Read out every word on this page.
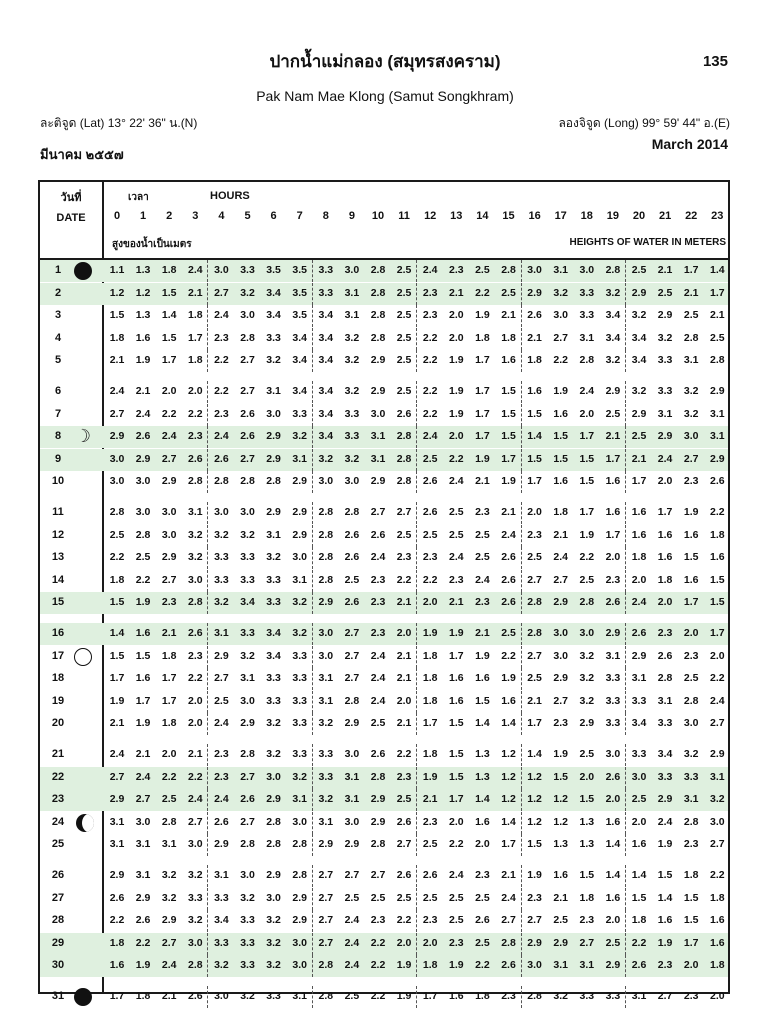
ปากน้ำแม่กลอง (สมุทรสงคราม)	135
Pak Nam Mae Klong (Samut Songkhram)
ละติจูด (Lat) 13° 22' 36" น.(N)	ลองจิจูด (Long) 99° 59' 44" อ.(E)
มีนาคม ๒๕๕๗
March 2014
วันที่
DATE
เวลา	HOURS
0	1	2	3	4	5	6	7	8	9	10	11	12	13	14	15	16	17	18	19	20	21	22	23
สูงของน้ำเป็นเมตร	HEIGHTS OF WATER IN METERS
1	1.1	1.3	1.8	2.4	3.0	3.3	3.5	3.5	3.3	3.0	2.8	2.5	2.4	2.3	2.5	2.8	3.0	3.1	3.0	2.8	2.5	2.1	1.7	1.4
2	1.2	1.2	1.5	2.1	2.7	3.2	3.4	3.5	3.3	3.1	2.8	2.5	2.3	2.1	2.2	2.5	2.9	3.2	3.3	3.2	2.9	2.5	2.1	1.7
3	1.5	1.3	1.4	1.8	2.4	3.0	3.4	3.5	3.4	3.1	2.8	2.5	2.3	2.0	1.9	2.1	2.6	3.0	3.3	3.4	3.2	2.9	2.5	2.1
4	1.8	1.6	1.5	1.7	2.3	2.8	3.3	3.4	3.4	3.2	2.8	2.5	2.2	2.0	1.8	1.8	2.1	2.7	3.1	3.4	3.4	3.2	2.8	2.5
5	2.1	1.9	1.7	1.8	2.2	2.7	3.2	3.4	3.4	3.2	2.9	2.5	2.2	1.9	1.7	1.6	1.8	2.2	2.8	3.2	3.4	3.3	3.1	2.8
6	2.4	2.1	2.0	2.0	2.2	2.7	3.1	3.4	3.4	3.2	2.9	2.5	2.2	1.9	1.7	1.5	1.6	1.9	2.4	2.9	3.2	3.3	3.2	2.9
7	2.7	2.4	2.2	2.2	2.3	2.6	3.0	3.3	3.4	3.3	3.0	2.6	2.2	1.9	1.7	1.5	1.5	1.6	2.0	2.5	2.9	3.1	3.2	3.1
8 ☽	2.9	2.6	2.4	2.3	2.4	2.6	2.9	3.2	3.4	3.3	3.1	2.8	2.4	2.0	1.7	1.5	1.4	1.5	1.7	2.1	2.5	2.9	3.0	3.1
9	3.0	2.9	2.7	2.6	2.6	2.7	2.9	3.1	3.2	3.2	3.1	2.8	2.5	2.2	1.9	1.7	1.5	1.5	1.5	1.7	2.1	2.4	2.7	2.9
10	3.0	3.0	2.9	2.8	2.8	2.8	2.8	2.9	3.0	3.0	2.9	2.8	2.6	2.4	2.1	1.9	1.7	1.6	1.5	1.6	1.7	2.0	2.3	2.6
11	2.8	3.0	3.0	3.1	3.0	3.0	2.9	2.9	2.8	2.8	2.7	2.7	2.6	2.5	2.3	2.1	2.0	1.8	1.7	1.6	1.6	1.7	1.9	2.2
12	2.5	2.8	3.0	3.2	3.2	3.2	3.1	2.9	2.8	2.6	2.6	2.5	2.5	2.5	2.5	2.4	2.3	2.1	1.9	1.7	1.6	1.6	1.6	1.8
13	2.2	2.5	2.9	3.2	3.3	3.3	3.2	3.0	2.8	2.6	2.4	2.3	2.3	2.4	2.5	2.6	2.5	2.4	2.2	2.0	1.8	1.6	1.5	1.6
14	1.8	2.2	2.7	3.0	3.3	3.3	3.3	3.1	2.8	2.5	2.3	2.2	2.2	2.3	2.4	2.6	2.7	2.7	2.5	2.3	2.0	1.8	1.6	1.5
15	1.5	1.9	2.3	2.8	3.2	3.4	3.3	3.2	2.9	2.6	2.3	2.1	2.0	2.1	2.3	2.6	2.8	2.9	2.8	2.6	2.4	2.0	1.7	1.5
16	1.4	1.6	2.1	2.6	3.1	3.3	3.4	3.2	3.0	2.7	2.3	2.0	1.9	1.9	2.1	2.5	2.8	3.0	3.0	2.9	2.6	2.3	2.0	1.7
17	1.5	1.5	1.8	2.3	2.9	3.2	3.4	3.3	3.0	2.7	2.4	2.1	1.8	1.7	1.9	2.2	2.7	3.0	3.2	3.1	2.9	2.6	2.3	2.0
18	1.7	1.6	1.7	2.2	2.7	3.1	3.3	3.3	3.1	2.7	2.4	2.1	1.8	1.6	1.6	1.9	2.5	2.9	3.2	3.3	3.1	2.8	2.5	2.2
19	1.9	1.7	1.7	2.0	2.5	3.0	3.3	3.3	3.1	2.8	2.4	2.0	1.8	1.6	1.5	1.6	2.1	2.7	3.2	3.3	3.3	3.1	2.8	2.4
20	2.1	1.9	1.8	2.0	2.4	2.9	3.2	3.3	3.2	2.9	2.5	2.1	1.7	1.5	1.4	1.4	1.7	2.3	2.9	3.3	3.4	3.3	3.0	2.7
21	2.4	2.1	2.0	2.1	2.3	2.8	3.2	3.3	3.3	3.0	2.6	2.2	1.8	1.5	1.3	1.2	1.4	1.9	2.5	3.0	3.3	3.4	3.2	2.9
22	2.7	2.4	2.2	2.2	2.3	2.7	3.0	3.2	3.3	3.1	2.8	2.3	1.9	1.5	1.3	1.2	1.2	1.5	2.0	2.6	3.0	3.3	3.3	3.1
23	2.9	2.7	2.5	2.4	2.4	2.6	2.9	3.1	3.2	3.1	2.9	2.5	2.1	1.7	1.4	1.2	1.2	1.2	1.5	2.0	2.5	2.9	3.1	3.2
24	3.1	3.0	2.8	2.7	2.6	2.7	2.8	3.0	3.1	3.0	2.9	2.6	2.3	2.0	1.6	1.4	1.2	1.2	1.3	1.6	2.0	2.4	2.8	3.0
25	3.1	3.1	3.1	3.0	2.9	2.8	2.8	2.8	2.9	2.9	2.8	2.7	2.5	2.2	2.0	1.7	1.5	1.3	1.3	1.4	1.6	1.9	2.3	2.7
26	2.9	3.1	3.2	3.2	3.1	3.0	2.9	2.8	2.7	2.7	2.7	2.6	2.6	2.4	2.3	2.1	1.9	1.6	1.5	1.4	1.4	1.5	1.8	2.2
27	2.6	2.9	3.2	3.3	3.3	3.2	3.0	2.9	2.7	2.5	2.5	2.5	2.5	2.5	2.5	2.4	2.3	2.1	1.8	1.6	1.5	1.4	1.5	1.8
28	2.2	2.6	2.9	3.2	3.4	3.3	3.2	2.9	2.7	2.4	2.3	2.2	2.3	2.5	2.6	2.7	2.7	2.5	2.3	2.0	1.8	1.6	1.5	1.6
29	1.8	2.2	2.7	3.0	3.3	3.3	3.2	3.0	2.7	2.4	2.2	2.0	2.0	2.3	2.5	2.8	2.9	2.9	2.7	2.5	2.2	1.9	1.7	1.6
30	1.6	1.9	2.4	2.8	3.2	3.3	3.2	3.0	2.8	2.4	2.2	1.9	1.8	1.9	2.2	2.6	3.0	3.1	3.1	2.9	2.6	2.3	2.0	1.8
31	1.7	1.8	2.1	2.6	3.0	3.2	3.3	3.1	2.8	2.5	2.2	1.9	1.7	1.6	1.8	2.3	2.8	3.2	3.3	3.3	3.1	2.7	2.3	2.0
